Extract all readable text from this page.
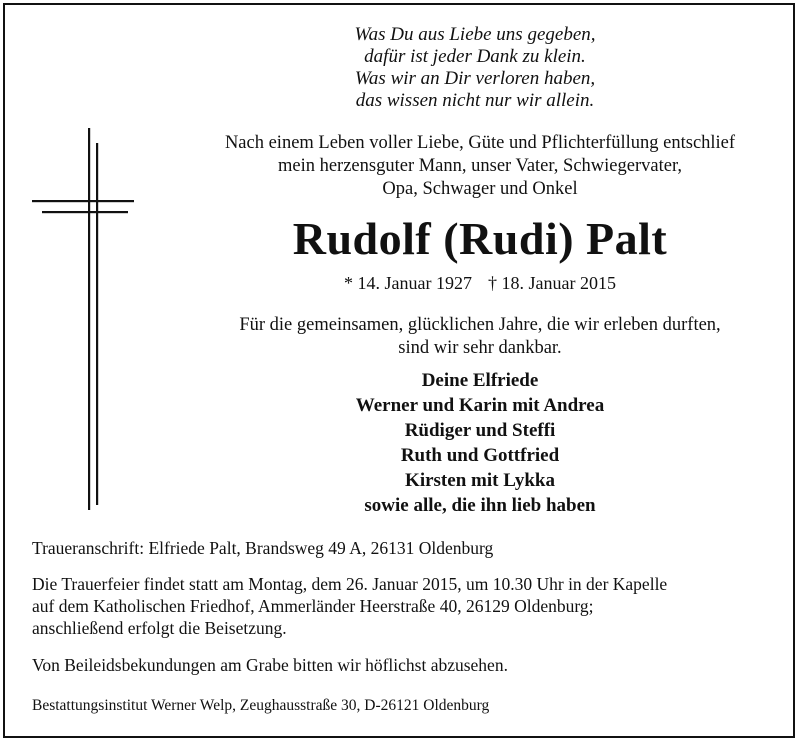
Was Du aus Liebe uns gegeben,
dafür ist jeder Dank zu klein.
Was wir an Dir verloren haben,
das wissen nicht nur wir allein.
Nach einem Leben voller Liebe, Güte und Pflichterfüllung entschlief
mein herzensguter Mann, unser Vater, Schwiegervater,
Opa, Schwager und Onkel
Rudolf (Rudi) Palt
* 14. Januar 1927 † 18. Januar 2015
Für die gemeinsamen, glücklichen Jahre, die wir erleben durften,
sind wir sehr dankbar.
Deine Elfriede
Werner und Karin mit Andrea
Rüdiger und Steffi
Ruth und Gottfried
Kirsten mit Lykka
sowie alle, die ihn lieb haben
Traueranschrift: Elfriede Palt, Brandsweg 49 A, 26131 Oldenburg
Die Trauerfeier findet statt am Montag, dem 26. Januar 2015, um 10.30 Uhr in der Kapelle
auf dem Katholischen Friedhof, Ammerländer Heerstraße 40, 26129 Oldenburg;
anschließend erfolgt die Beisetzung.
Von Beileidsbekundungen am Grabe bitten wir höflichst abzusehen.
Bestattungsinstitut Werner Welp, Zeughausstraße 30, D-26121 Oldenburg
